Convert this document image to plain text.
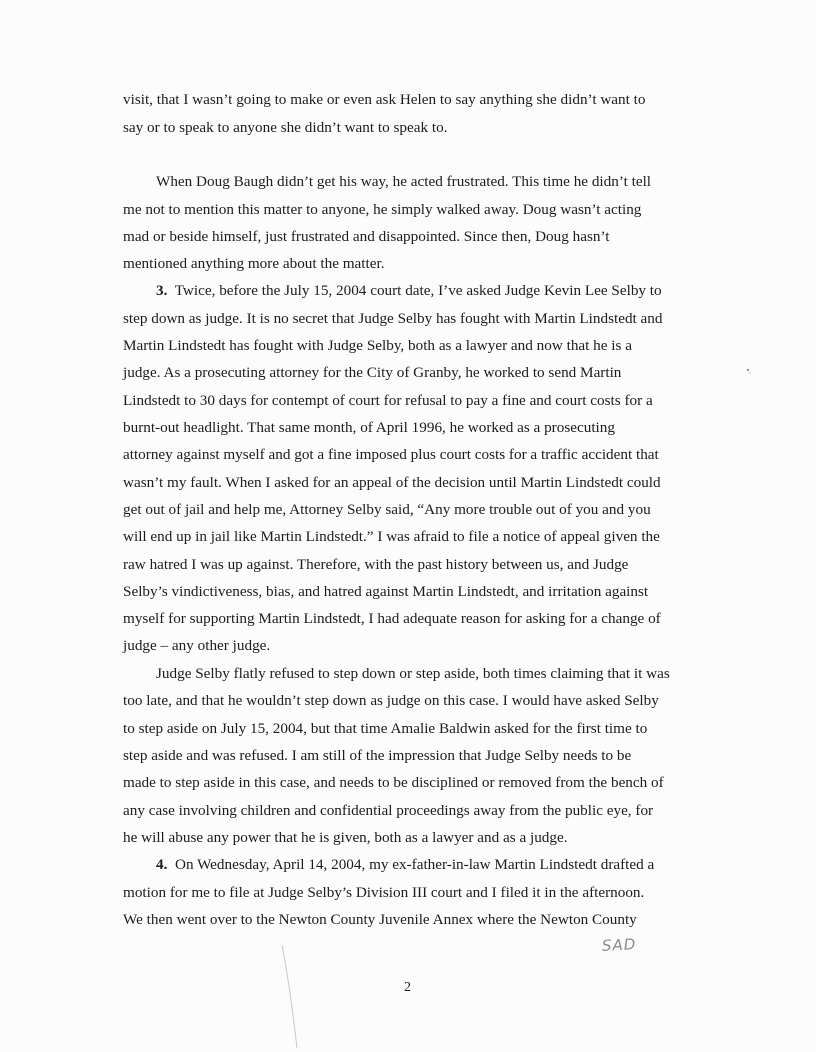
visit, that I wasn’t going to make or even ask Helen to say anything she didn’t want to
say or to speak to anyone she didn’t want to speak to.
When Doug Baugh didn’t get his way, he acted frustrated. This time he didn’t tell
me not to mention this matter to anyone, he simply walked away. Doug wasn’t acting
mad or beside himself, just frustrated and disappointed. Since then, Doug hasn’t
mentioned anything more about the matter.
3. Twice, before the July 15, 2004 court date, I’ve asked Judge Kevin Lee Selby to
step down as judge. It is no secret that Judge Selby has fought with Martin Lindstedt and
Martin Lindstedt has fought with Judge Selby, both as a lawyer and now that he is a
judge. As a prosecuting attorney for the City of Granby, he worked to send Martin
Lindstedt to 30 days for contempt of court for refusal to pay a fine and court costs for a
burnt-out headlight. That same month, of April 1996, he worked as a prosecuting
attorney against myself and got a fine imposed plus court costs for a traffic accident that
wasn’t my fault. When I asked for an appeal of the decision until Martin Lindstedt could
get out of jail and help me, Attorney Selby said, “Any more trouble out of you and you
will end up in jail like Martin Lindstedt.” I was afraid to file a notice of appeal given the
raw hatred I was up against. Therefore, with the past history between us, and Judge
Selby’s vindictiveness, bias, and hatred against Martin Lindstedt, and irritation against
myself for supporting Martin Lindstedt, I had adequate reason for asking for a change of
judge – any other judge.
Judge Selby flatly refused to step down or step aside, both times claiming that it was
too late, and that he wouldn’t step down as judge on this case. I would have asked Selby
to step aside on July 15, 2004, but that time Amalie Baldwin asked for the first time to
step aside and was refused. I am still of the impression that Judge Selby needs to be
made to step aside in this case, and needs to be disciplined or removed from the bench of
any case involving children and confidential proceedings away from the public eye, for
he will abuse any power that he is given, both as a lawyer and as a judge.
4. On Wednesday, April 14, 2004, my ex-father-in-law Martin Lindstedt drafted a
motion for me to file at Judge Selby’s Division III court and I filed it in the afternoon.
We then went over to the Newton County Juvenile Annex where the Newton County
SAD
2
